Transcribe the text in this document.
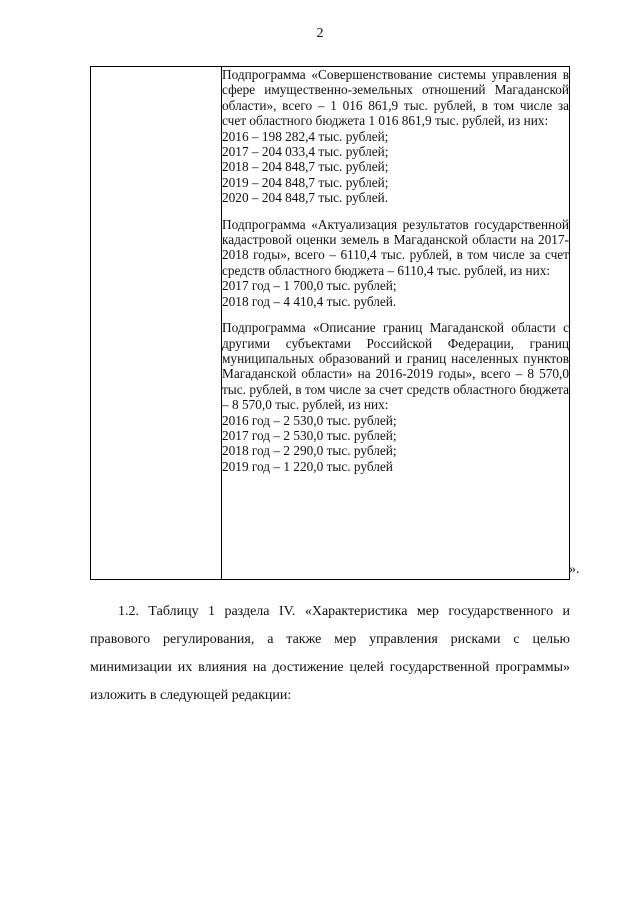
2

Подпрограмма «Совершенствование системы управления в сфере имущественно-земельных отношений Магаданской области», всего – 1 016 861,9 тыс. рублей, в том числе за счет областного бюджета 1 016 861,9 тыс. рублей, из них:
2016 – 198 282,4 тыс. рублей;
2017 – 204 033,4 тыс. рублей;
2018 – 204 848,7 тыс. рублей;
2019 – 204 848,7 тыс. рублей;
2020 – 204 848,7 тыс. рублей.
Подпрограмма «Актуализация результатов государственной кадастровой оценки земель в Магаданской области на 2017-2018 годы», всего – 6110,4 тыс. рублей, в том числе за счет средств областного бюджета – 6110,4 тыс. рублей, из них:
2017 год – 1 700,0 тыс. рублей;
2018 год – 4 410,4 тыс. рублей.
Подпрограмма «Описание границ Магаданской области с другими субъектами Российской Федерации, границ муниципальных образований и границ населенных пунктов Магаданской области» на 2016-2019 годы», всего – 8 570,0 тыс. рублей, в том числе за счет средств областного бюджета – 8 570,0 тыс. рублей, из них:
2016 год – 2 530,0 тыс. рублей;
2017 год – 2 530,0 тыс. рублей;
2018 год – 2 290,0 тыс. рублей;
2019 год – 1 220,0 тыс. рублей
».
1.2. Таблицу 1 раздела IV. «Характеристика мер государственного и правового регулирования, а также мер управления рисками с целью минимизации их влияния на достижение целей государственной программы» изложить в следующей редакции:
